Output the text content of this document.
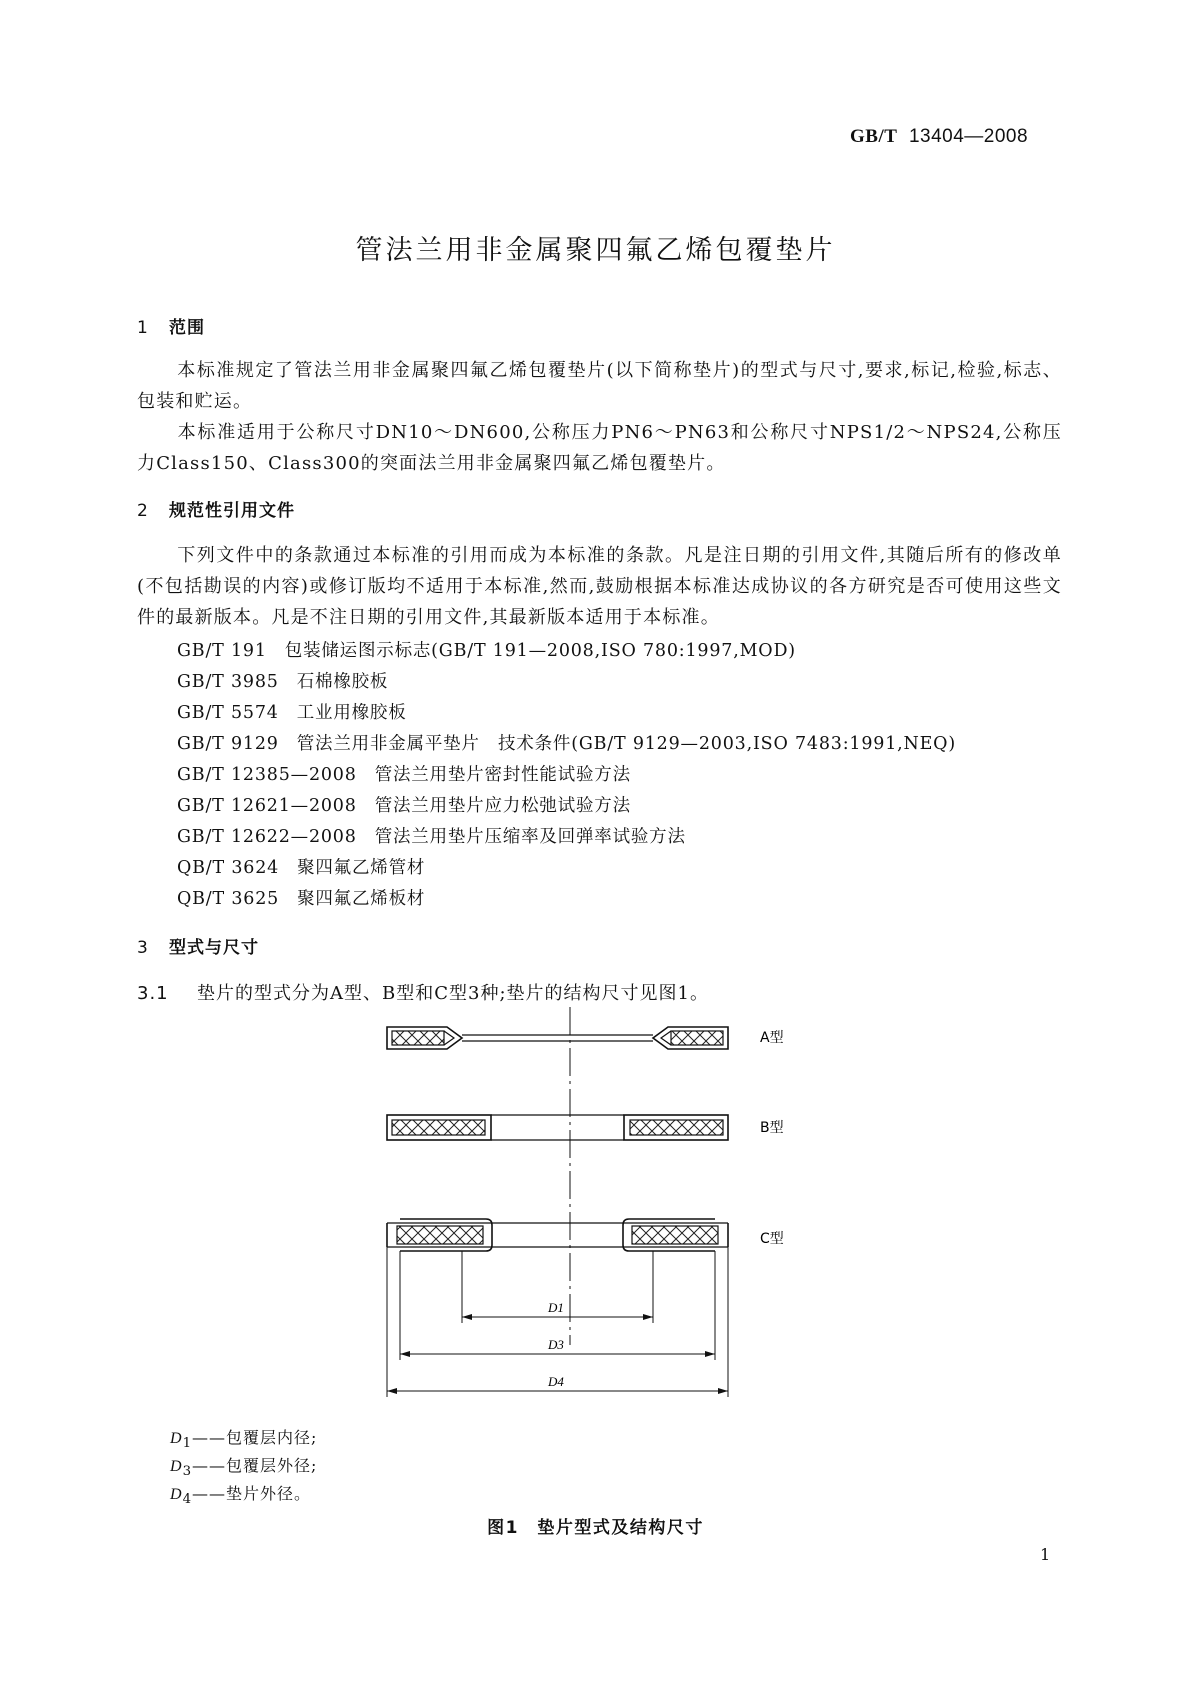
GB/T 13404—2008
管法兰用非金属聚四氟乙烯包覆垫片
1 范围
本标准规定了管法兰用非金属聚四氟乙烯包覆垫片(以下简称垫片)的型式与尺寸,要求,标记,检验,标志、包装和贮运。
本标准适用于公称尺寸DN10～DN600,公称压力PN6～PN63和公称尺寸NPS1/2～NPS24,公称压力Class150、Class300的突面法兰用非金属聚四氟乙烯包覆垫片。
2 规范性引用文件
下列文件中的条款通过本标准的引用而成为本标准的条款。凡是注日期的引用文件,其随后所有的修改单(不包括勘误的内容)或修订版均不适用于本标准,然而,鼓励根据本标准达成协议的各方研究是否可使用这些文件的最新版本。凡是不注日期的引用文件,其最新版本适用于本标准。
GB/T 191 包装储运图示标志(GB/T 191—2008,ISO 780:1997,MOD)
GB/T 3985 石棉橡胶板
GB/T 5574 工业用橡胶板
GB/T 9129 管法兰用非金属平垫片　技术条件(GB/T 9129—2003,ISO 7483:1991,NEQ)
GB/T 12385—2008 管法兰用垫片密封性能试验方法
GB/T 12621—2008 管法兰用垫片应力松弛试验方法
GB/T 12622—2008 管法兰用垫片压缩率及回弹率试验方法
QB/T 3624 聚四氟乙烯管材
QB/T 3625 聚四氟乙烯板材
3 型式与尺寸
3.1 垫片的型式分为A型、B型和C型3种;垫片的结构尺寸见图1。
A型
B型
C型
D1
D3
D4
$D_1——$包覆层内径;
$D_3——$包覆层外径;
$D_4——$垫片外径。
图1　垫片型式及结构尺寸
1
